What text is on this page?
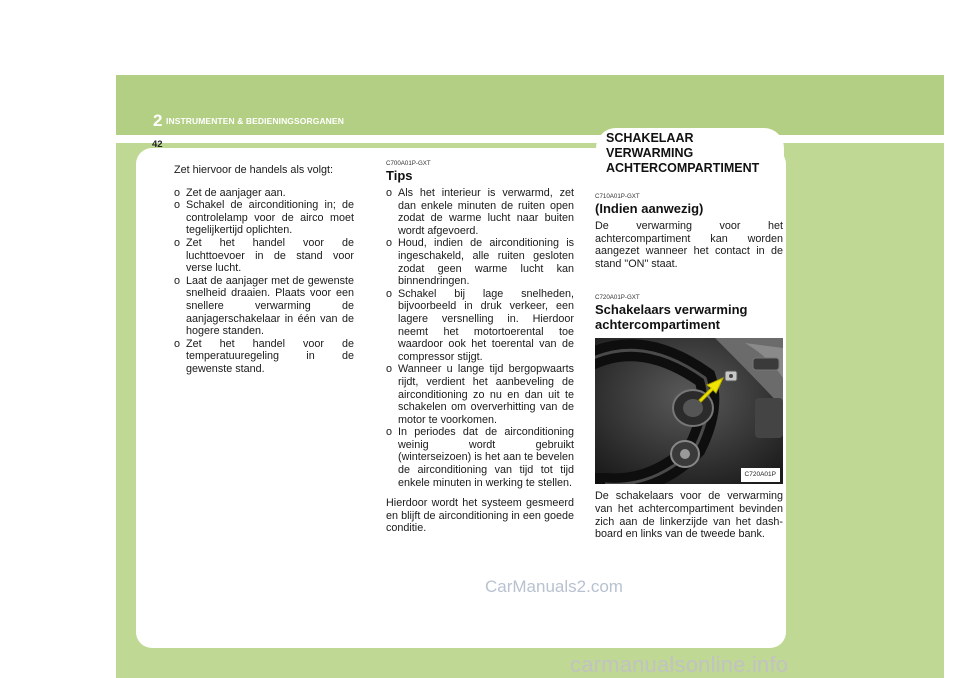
2 INSTRUMENTEN & BEDIENINGSORGANEN
42	SCHAKELAAR
VERWARMING
ACHTERCOMPARTIMENT

Zet hiervoor de handels als volgt:

o Zet de aanjager aan.
o Schakel de airconditioning in; de controlelamp voor de airco moet tegelijkertijd oplichten.
o Zet het handel voor de luchttoevoer in de stand voor verse lucht.
o Laat de aanjager met de gewenste snelheid draaien. Plaats voor een snellere verwarming de aanjagerschakelaar in één van de hogere standen.
o Zet het handel voor de temperatuuregeling in de gewenste stand.

C700A01P-GXT

Tips

o Als het interieur is verwarmd, zet dan enkele minuten de ruiten open zodat de warme lucht naar buiten wordt afgevoerd.
o Houd, indien de airconditioning is ingeschakeld, alle ruiten gesloten zodat geen warme lucht kan binnendringen.
o Schakel bij lage snelheden, bijvoorbeeld in druk verkeer, een lagere versnelling in. Hierdoor neemt het motortoerental toe waardoor ook het toerental van de compressor stijgt.
o Wanneer u lange tijd bergopwaarts rijdt, verdient het aanbeveling de airconditioning zo nu en dan uit te schakelen om oververhitting van de motor te voorkomen.
o In periodes dat de airconditioning weinig wordt gebruikt (winterseizoen) is het aan te bevelen de airconditioning van tijd tot tijd enkele minuten in werking te stellen.

Hierdoor wordt het systeem gesmeerd en blijft de airconditioning in een goede conditie.

C710A01P-GXT

(Indien aanwezig)

De verwarming voor het achtercompartiment kan worden aangezet wanneer het contact in de stand "ON" staat.

C720A01P-GXT

Schakelaars verwarming achtercompartiment

C720A01P

De schakelaars voor de verwarming van het achtercompartiment bevinden zich aan de linkerzijde van het dash-board en links van de tweede bank.

CarManuals2.com
carmanualsonline.info
